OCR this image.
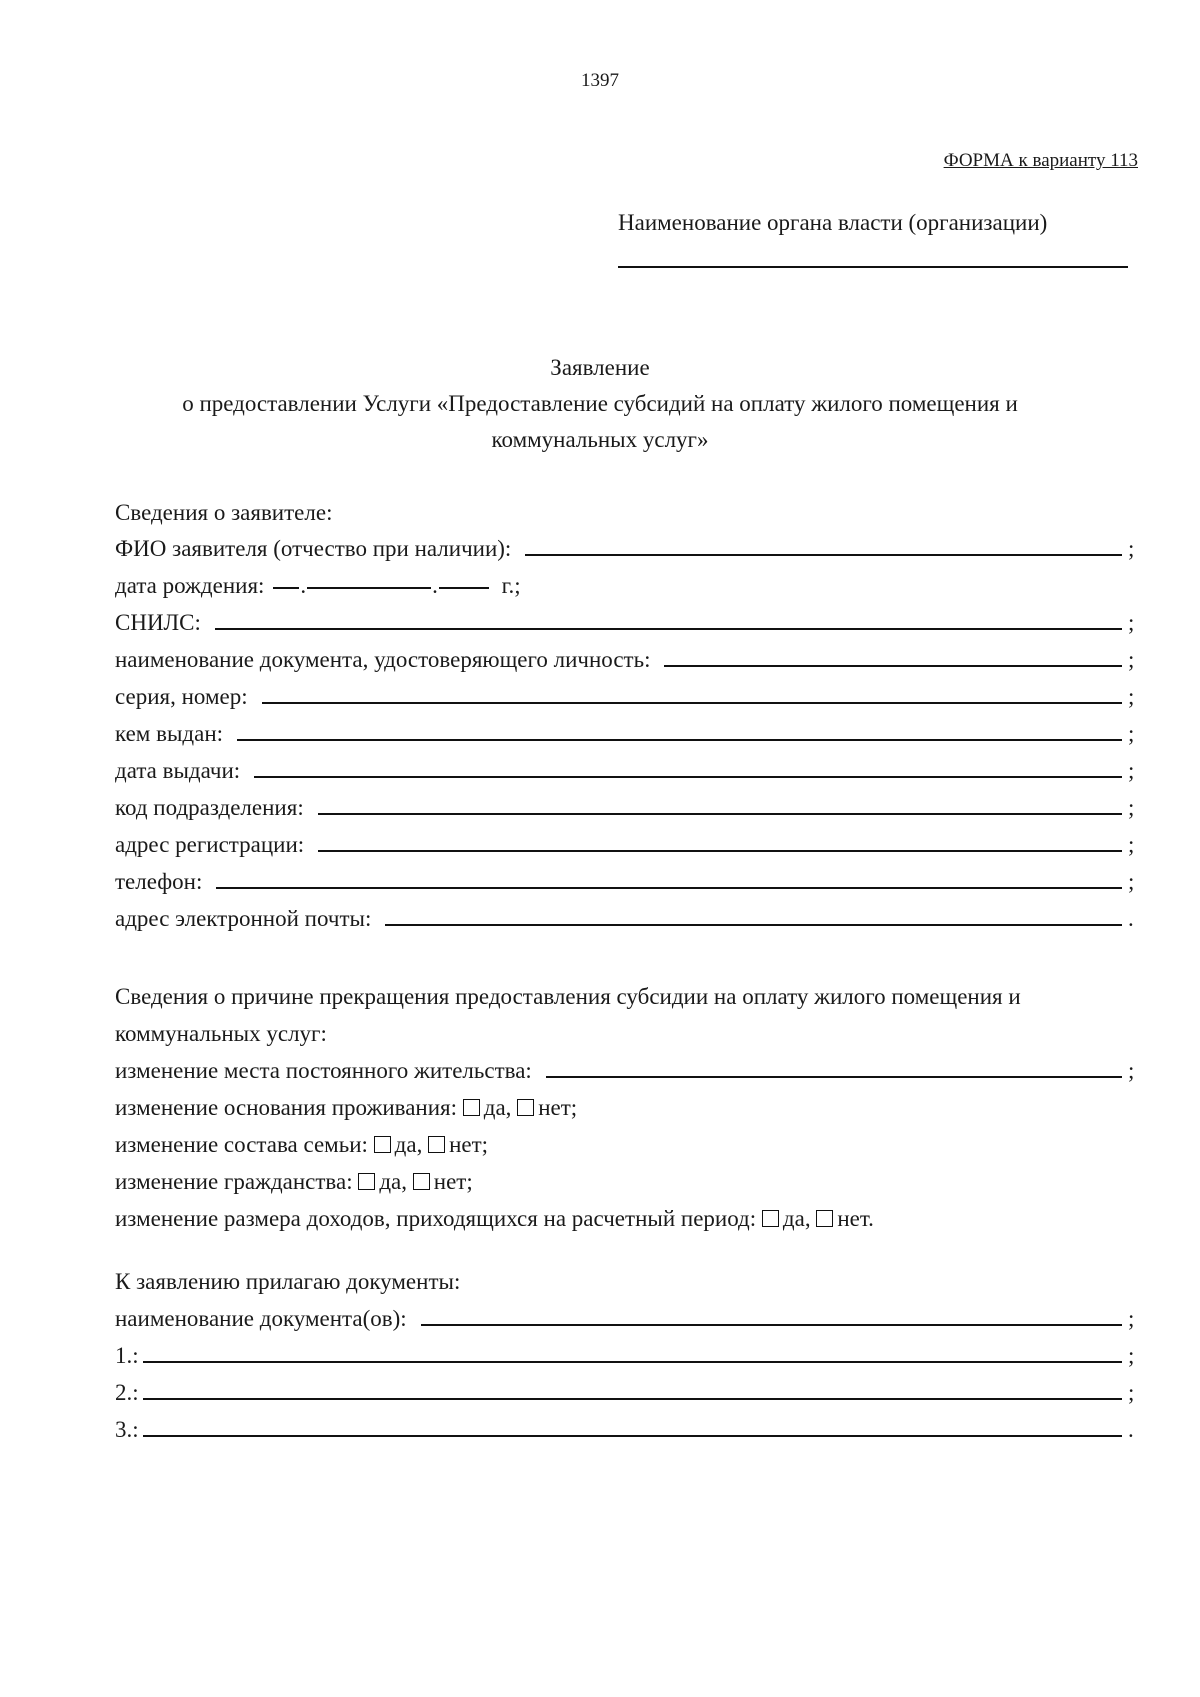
1397
ФОРМА к варианту 113
Наименование органа власти (организации)
Заявление
о предоставлении Услуги «Предоставление субсидий на оплату жилого помещения и
коммунальных услуг»
Сведения о заявителе:
ФИО заявителя (отчество при наличии):	;
дата рождения:	.	.	г.;
СНИЛС:	;
наименование документа, удостоверяющего личность:	;
серия, номер:	;
кем выдан:	;
дата выдачи:	;
код подразделения:	;
адрес регистрации:	;
телефон:	;
адрес электронной почты:	.
Сведения о причине прекращения предоставления субсидии на оплату жилого помещения и
коммунальных услуг:
изменение места постоянного жительства:	;
изменение основания проживания: да, нет;
изменение состава семьи: да, нет;
изменение гражданства: да, нет;
изменение размера доходов, приходящихся на расчетный период: да, нет.
К заявлению прилагаю документы:
наименование документа(ов):	;
1.:	;
2.:	;
3.:	.
